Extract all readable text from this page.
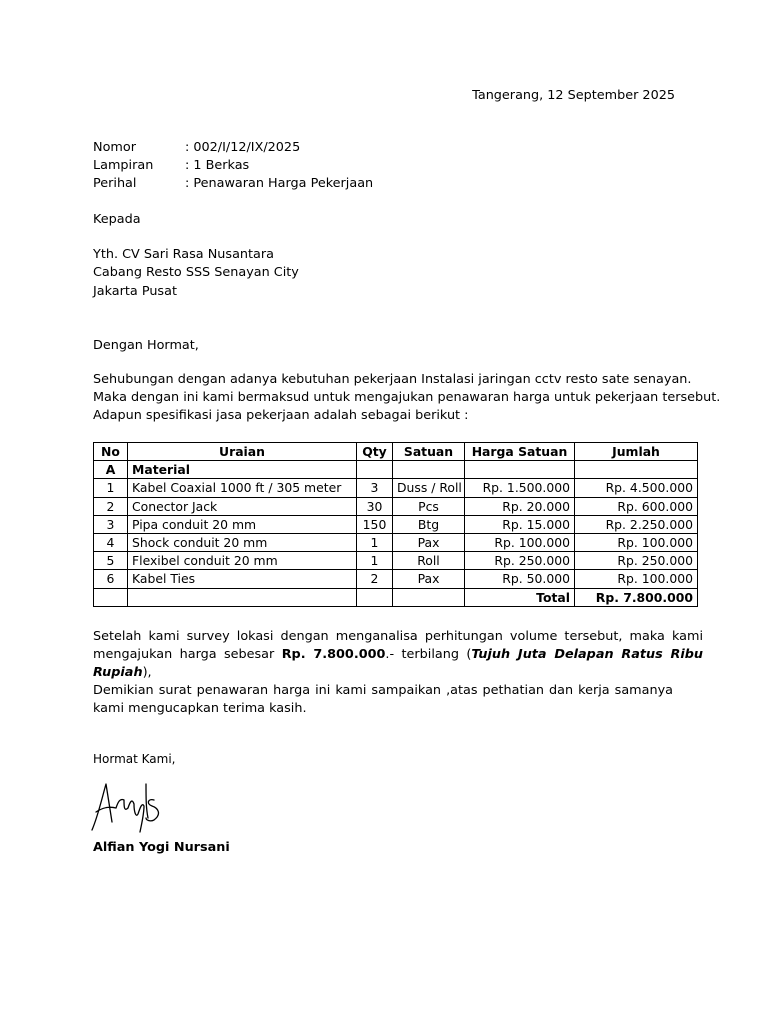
Tangerang, 12 September 2025
Nomor	: 002/I/12/IX/2025
Lampiran	: 1 Berkas
Perihal	: Penawaran Harga Pekerjaan
Kepada
Yth. CV Sari Rasa Nusantara
Cabang Resto SSS Senayan City
Jakarta Pusat
Dengan Hormat,
Sehubungan dengan adanya kebutuhan pekerjaan Instalasi jaringan cctv resto sate senayan.
Maka dengan ini kami bermaksud untuk mengajukan penawaran harga untuk pekerjaan tersebut.
Adapun spesifikasi jasa pekerjaan adalah sebagai berikut :
No	Uraian	Qty	Satuan	Harga Satuan	Jumlah
A	Material				
1	Kabel Coaxial 1000 ft / 305 meter	3	Duss / Roll	Rp. 1.500.000	Rp. 4.500.000
2	Conector Jack	30	Pcs	Rp. 20.000	Rp. 600.000
3	Pipa conduit 20 mm	150	Btg	Rp. 15.000	Rp. 2.250.000
4	Shock conduit 20 mm	1	Pax	Rp. 100.000	Rp. 100.000
5	Flexibel conduit 20 mm	1	Roll	Rp. 250.000	Rp. 250.000
6	Kabel Ties	2	Pax	Rp. 50.000	Rp. 100.000
				Total	Rp. 7.800.000
Setelah kami survey lokasi dengan menganalisa perhitungan volume tersebut, maka kami mengajukan harga sebesar Rp. 7.800.000.- terbilang (Tujuh Juta Delapan Ratus Ribu Rupiah),
Demikian surat penawaran harga ini kami sampaikan ,atas pethatian dan kerja samanya kami mengucapkan terima kasih.
Hormat Kami,
Alfian Yogi Nursani
